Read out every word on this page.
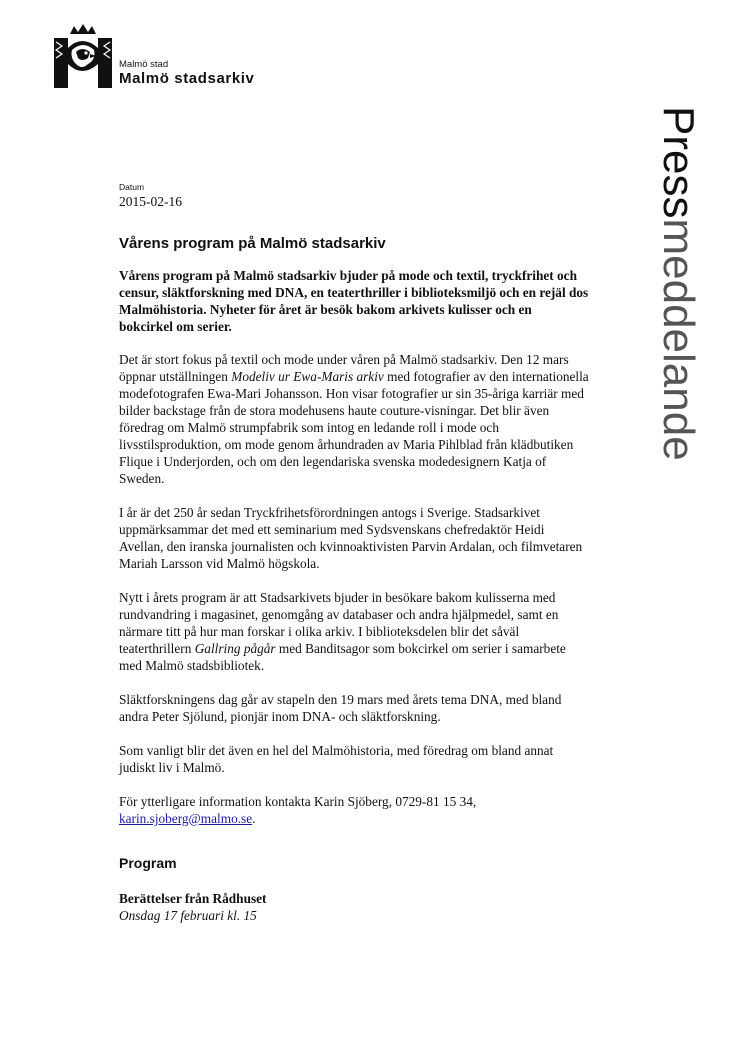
Malmö stad
Malmö stadsarkiv
Pressmeddelande

Datum

2015-02-16

Vårens program på Malmö stadsarkiv

Vårens program på Malmö stadsarkiv bjuder på mode och textil, tryckfrihet och censur, släktforskning med DNA, en teaterthriller i biblioteksmiljö och en rejäl dos Malmöhistoria. Nyheter för året är besök bakom arkivets kulisser och en bokcirkel om serier.

Det är stort fokus på textil och mode under våren på Malmö stadsarkiv. Den 12 mars öppnar utställningen Modeliv ur Ewa-Maris arkiv med fotografier av den internationella modefotografen Ewa-Mari Johansson. Hon visar fotografier ur sin 35-åriga karriär med bilder backstage från de stora modehusens haute couture-visningar. Det blir även föredrag om Malmö strumpfabrik som intog en ledande roll i mode och livsstilsproduktion, om mode genom århundraden av Maria Pihlblad från klädbutiken Flique i Underjorden, och om den legendariska svenska modedesignern Katja of Sweden.

I år är det 250 år sedan Tryckfrihetsförordningen antogs i Sverige. Stadsarkivet uppmärksammar det med ett seminarium med Sydsvenskans chefredaktör Heidi Avellan, den iranska journalisten och kvinnoaktivisten Parvin Ardalan, och filmvetaren Mariah Larsson vid Malmö högskola.

Nytt i årets program är att Stadsarkivets bjuder in besökare bakom kulisserna med rundvandring i magasinet, genomgång av databaser och andra hjälpmedel, samt en närmare titt på hur man forskar i olika arkiv. I biblioteksdelen blir det såväl teaterthrillern Gallring pågår med Banditsagor som bokcirkel om serier i samarbete med Malmö stadsbibliotek.

Släktforskningens dag går av stapeln den 19 mars med årets tema DNA, med bland andra Peter Sjölund, pionjär inom DNA- och släktforskning.

Som vanligt blir det även en hel del Malmöhistoria, med föredrag om bland annat judiskt liv i Malmö.

För ytterligare information kontakta Karin Sjöberg, 0729-81 15 34,
karin.sjoberg@malmo.se.

Program

Berättelser från Rådhuset

Onsdag 17 februari kl. 15
